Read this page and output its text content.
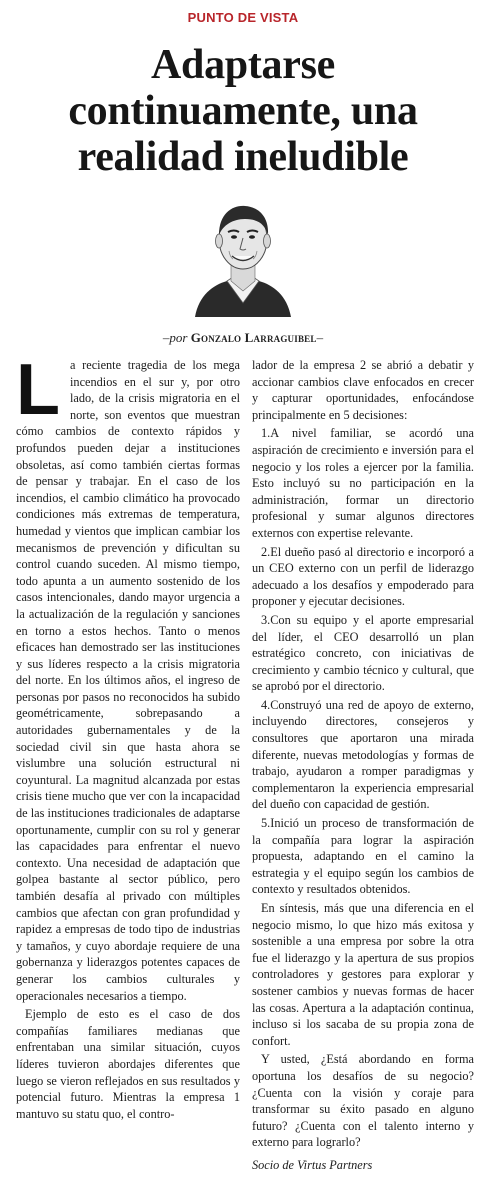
PUNTO DE VISTA
Adaptarse continuamente, una realidad ineludible
–por Gonzalo Larraguibel–
L a reciente tragedia de los mega incendios en el sur y, por otro lado, de la crisis migratoria en el norte, son eventos que muestran cómo cambios de contexto rápidos y profundos pueden dejar a instituciones obsoletas, así como también ciertas formas de pensar y trabajar. En el caso de los incendios, el cambio climático ha provocado condiciones más extremas de temperatura, humedad y vientos que implican cambiar los mecanismos de prevención y dificultan su control cuando suceden. Al mismo tiempo, todo apunta a un aumento sostenido de los casos intencionales, dando mayor urgencia a la actualización de la regulación y sanciones en torno a estos hechos. Tanto o menos eficaces han demostrado ser las instituciones y sus líderes respecto a la crisis migratoria del norte. En los últimos años, el ingreso de personas por pasos no reconocidos ha subido geométricamente, sobrepasando a autoridades gubernamentales y de la sociedad civil sin que hasta ahora se vislumbre una solución estructural ni coyuntural. La magnitud alcanzada por estas crisis tiene mucho que ver con la incapacidad de las instituciones tradicionales de adaptarse oportunamente, cumplir con su rol y generar las capacidades para enfrentar el nuevo contexto. Una necesidad de adaptación que golpea bastante al sector público, pero también desafía al privado con múltiples cambios que afectan con gran profundidad y rapidez a empresas de todo tipo de industrias y tamaños, y cuyo abordaje requiere de una gobernanza y liderazgos potentes capaces de generar los cambios culturales y operacionales necesarios a tiempo.

Ejemplo de esto es el caso de dos compañías familiares medianas que enfrentaban una similar situación, cuyos líderes tuvieron abordajes diferentes que luego se vieron reflejados en sus resultados y potencial futuro. Mientras la empresa 1 mantuvo su statu quo, el contro-

lador de la empresa 2 se abrió a debatir y accionar cambios clave enfocados en crecer y capturar oportunidades, enfocándose principalmente en 5 decisiones:

1.A nivel familiar, se acordó una aspiración de crecimiento e inversión para el negocio y los roles a ejercer por la familia. Esto incluyó su no participación en la administración, formar un directorio profesional y sumar algunos directores externos con expertise relevante.

2.El dueño pasó al directorio e incorporó a un CEO externo con un perfil de liderazgo adecuado a los desafíos y empoderado para proponer y ejecutar decisiones.

3.Con su equipo y el aporte empresarial del líder, el CEO desarrolló un plan estratégico concreto, con iniciativas de crecimiento y cambio técnico y cultural, que se aprobó por el directorio.

4.Construyó una red de apoyo de externo, incluyendo directores, consejeros y consultores que aportaron una mirada diferente, nuevas metodologías y formas de trabajo, ayudaron a romper paradigmas y complementaron la experiencia empresarial del dueño con capacidad de gestión.

5.Inició un proceso de transformación de la compañía para lograr la aspiración propuesta, adaptando en el camino la estrategia y el equipo según los cambios de contexto y resultados obtenidos.

En síntesis, más que una diferencia en el negocio mismo, lo que hizo más exitosa y sostenible a una empresa por sobre la otra fue el liderazgo y la apertura de sus propios controladores y gestores para explorar y sostener cambios y nuevas formas de hacer las cosas. Apertura a la adaptación continua, incluso si los sacaba de su propia zona de confort.

Y usted, ¿Está abordando en forma oportuna los desafíos de su negocio? ¿Cuenta con la visión y coraje para transformar su éxito pasado en alguno futuro? ¿Cuenta con el talento interno y externo para lograrlo?

Socio de Virtus Partners
